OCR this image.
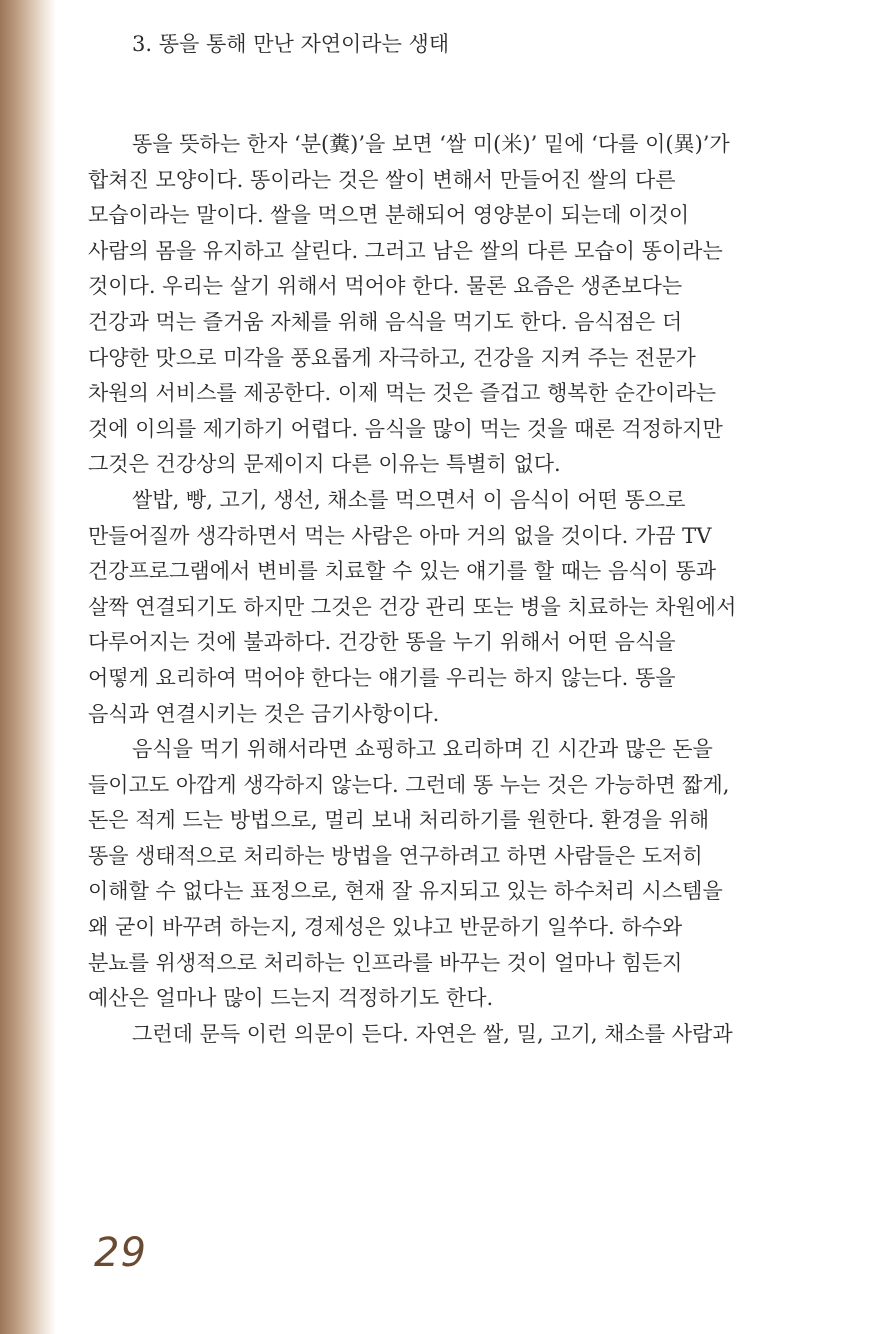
3. 똥을 통해 만난 자연이라는 생태
똥을 뜻하는 한자 ‘분(糞)’을 보면 ‘쌀 미(米)’ 밑에 ‘다를 이(異)’가
합쳐진 모양이다. 똥이라는 것은 쌀이 변해서 만들어진 쌀의 다른
모습이라는 말이다. 쌀을 먹으면 분해되어 영양분이 되는데 이것이
사람의 몸을 유지하고 살린다. 그러고 남은 쌀의 다른 모습이 똥이라는
것이다. 우리는 살기 위해서 먹어야 한다. 물론 요즘은 생존보다는
건강과 먹는 즐거움 자체를 위해 음식을 먹기도 한다. 음식점은 더
다양한 맛으로 미각을 풍요롭게 자극하고, 건강을 지켜 주는 전문가
차원의 서비스를 제공한다. 이제 먹는 것은 즐겁고 행복한 순간이라는
것에 이의를 제기하기 어렵다. 음식을 많이 먹는 것을 때론 걱정하지만
그것은 건강상의 문제이지 다른 이유는 특별히 없다.
쌀밥, 빵, 고기, 생선, 채소를 먹으면서 이 음식이 어떤 똥으로
만들어질까 생각하면서 먹는 사람은 아마 거의 없을 것이다. 가끔 TV
건강프로그램에서 변비를 치료할 수 있는 얘기를 할 때는 음식이 똥과
살짝 연결되기도 하지만 그것은 건강 관리 또는 병을 치료하는 차원에서
다루어지는 것에 불과하다. 건강한 똥을 누기 위해서 어떤 음식을
어떻게 요리하여 먹어야 한다는 얘기를 우리는 하지 않는다. 똥을
음식과 연결시키는 것은 금기사항이다.
음식을 먹기 위해서라면 쇼핑하고 요리하며 긴 시간과 많은 돈을
들이고도 아깝게 생각하지 않는다. 그런데 똥 누는 것은 가능하면 짧게,
돈은 적게 드는 방법으로, 멀리 보내 처리하기를 원한다. 환경을 위해
똥을 생태적으로 처리하는 방법을 연구하려고 하면 사람들은 도저히
이해할 수 없다는 표정으로, 현재 잘 유지되고 있는 하수처리 시스템을
왜 굳이 바꾸려 하는지, 경제성은 있냐고 반문하기 일쑤다. 하수와
분뇨를 위생적으로 처리하는 인프라를 바꾸는 것이 얼마나 힘든지
예산은 얼마나 많이 드는지 걱정하기도 한다.
그런데 문득 이런 의문이 든다. 자연은 쌀, 밀, 고기, 채소를 사람과
29
